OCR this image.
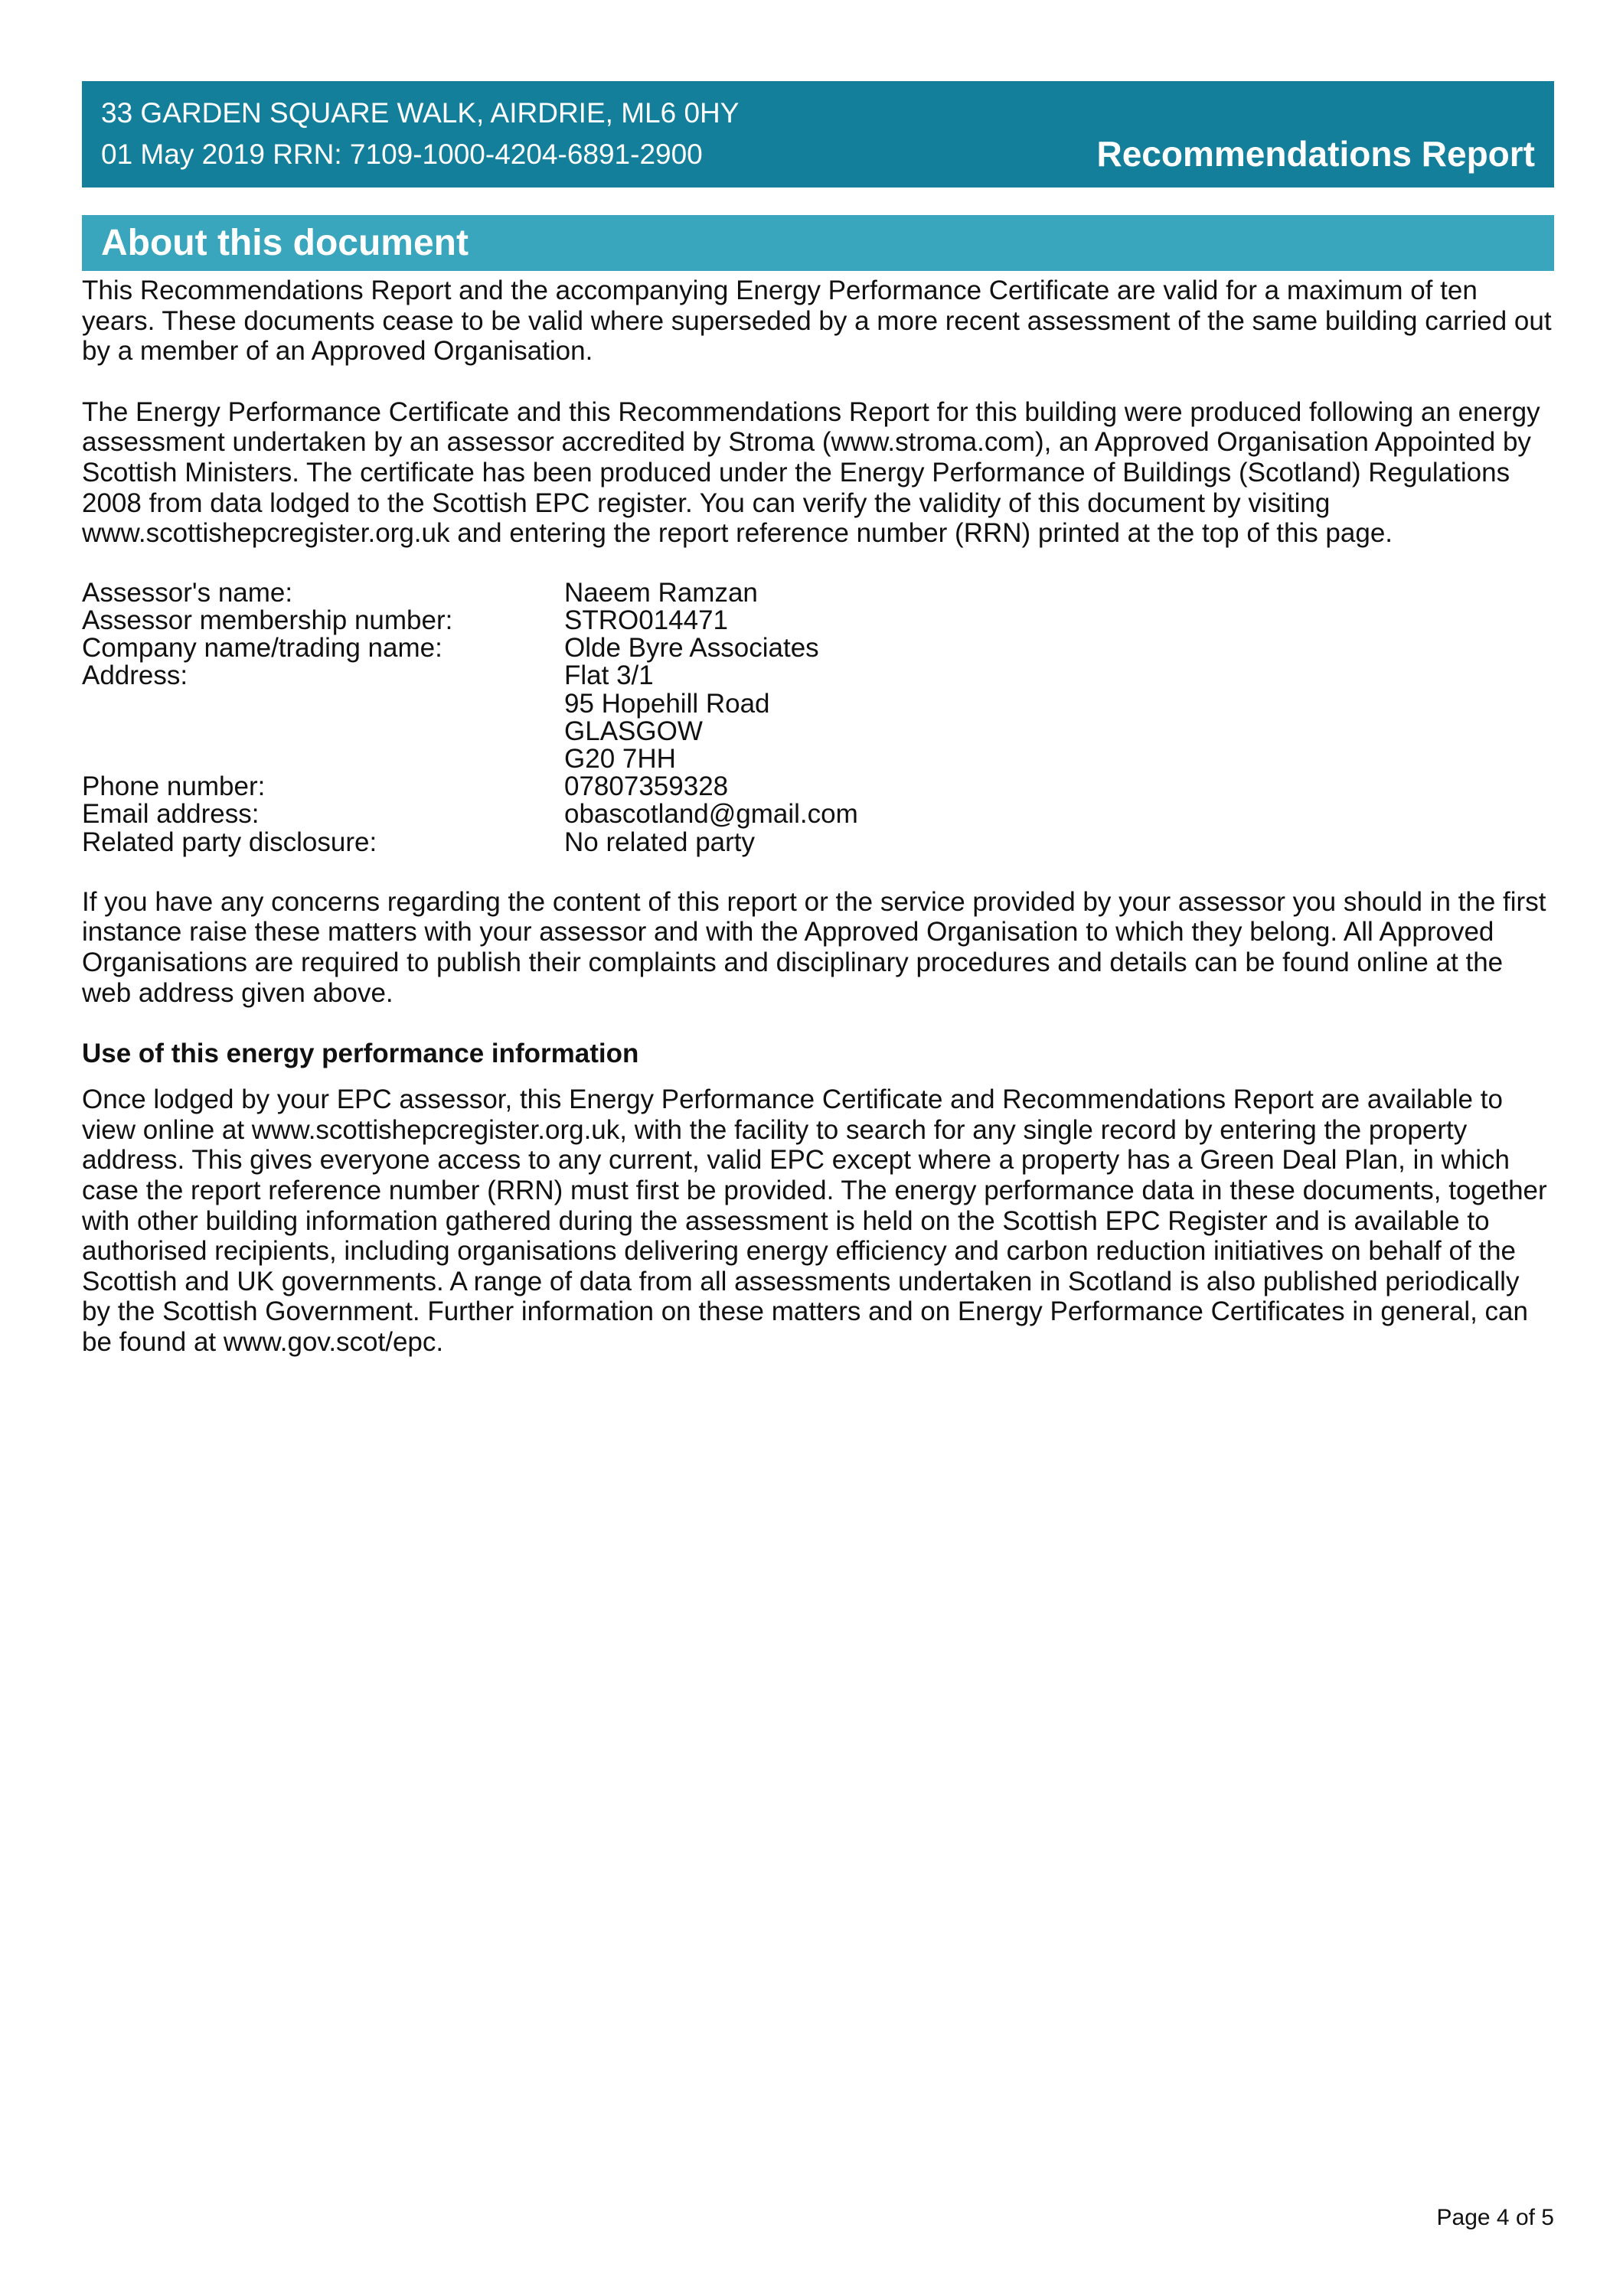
33 GARDEN SQUARE WALK, AIRDRIE, ML6 0HY
01 May 2019 RRN: 7109-1000-4204-6891-2900	Recommendations Report
About this document

This Recommendations Report and the accompanying Energy Performance Certificate are valid for a maximum of ten years. These documents cease to be valid where superseded by a more recent assessment of the same building carried out by a member of an Approved Organisation.

The Energy Performance Certificate and this Recommendations Report for this building were produced following an energy assessment undertaken by an assessor accredited by Stroma (www.stroma.com), an Approved Organisation Appointed by Scottish Ministers. The certificate has been produced under the Energy Performance of Buildings (Scotland) Regulations 2008 from data lodged to the Scottish EPC register. You can verify the validity of this document by visiting www.scottishepcregister.org.uk and entering the report reference number (RRN) printed at the top of this page.

Assessor's name:	Naeem Ramzan
Assessor membership number:	STRO014471
Company name/trading name:	Olde Byre Associates
Address:	Flat 3/1
95 Hopehill Road
GLASGOW
G20 7HH
Phone number:	07807359328
Email address:	obascotland@gmail.com
Related party disclosure:	No related party

If you have any concerns regarding the content of this report or the service provided by your assessor you should in the first instance raise these matters with your assessor and with the Approved Organisation to which they belong. All Approved Organisations are required to publish their complaints and disciplinary procedures and details can be found online at the web address given above.

Use of this energy performance information

Once lodged by your EPC assessor, this Energy Performance Certificate and Recommendations Report are available to view online at www.scottishepcregister.org.uk, with the facility to search for any single record by entering the property address. This gives everyone access to any current, valid EPC except where a property has a Green Deal Plan, in which case the report reference number (RRN) must first be provided. The energy performance data in these documents, together with other building information gathered during the assessment is held on the Scottish EPC Register and is available to authorised recipients, including organisations delivering energy efficiency and carbon reduction initiatives on behalf of the Scottish and UK governments. A range of data from all assessments undertaken in Scotland is also published periodically by the Scottish Government. Further information on these matters and on Energy Performance Certificates in general, can be found at www.gov.scot/epc.

Page 4 of 5
